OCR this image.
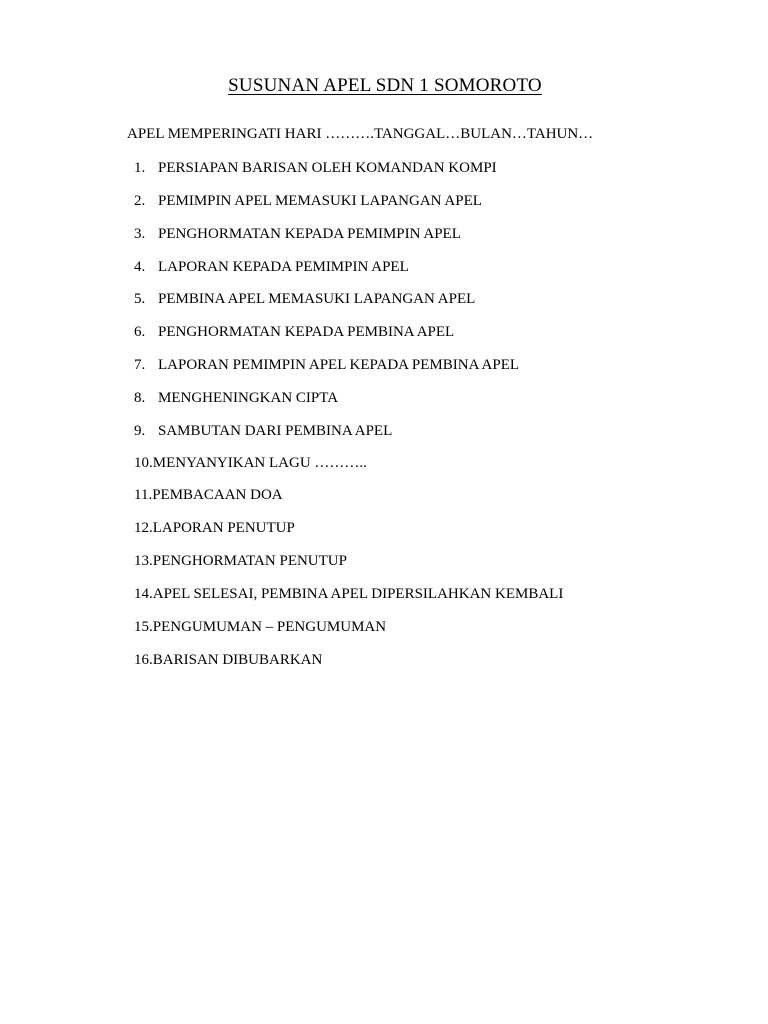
SUSUNAN APEL SDN 1 SOMOROTO
APEL MEMPERINGATI HARI ……….TANGGAL…BULAN…TAHUN…
1. PERSIAPAN BARISAN OLEH KOMANDAN KOMPI
2. PEMIMPIN APEL MEMASUKI LAPANGAN APEL
3. PENGHORMATAN KEPADA PEMIMPIN APEL
4. LAPORAN KEPADA PEMIMPIN APEL
5. PEMBINA APEL MEMASUKI LAPANGAN APEL
6. PENGHORMATAN KEPADA PEMBINA APEL
7. LAPORAN PEMIMPIN APEL KEPADA PEMBINA APEL
8. MENGHENINGKAN CIPTA
9. SAMBUTAN DARI PEMBINA APEL
10.MENYANYIKAN LAGU ………..
11.PEMBACAAN DOA
12.LAPORAN PENUTUP
13.PENGHORMATAN PENUTUP
14.APEL SELESAI, PEMBINA APEL DIPERSILAHKAN KEMBALI
15.PENGUMUMAN – PENGUMUMAN
16.BARISAN DIBUBARKAN
